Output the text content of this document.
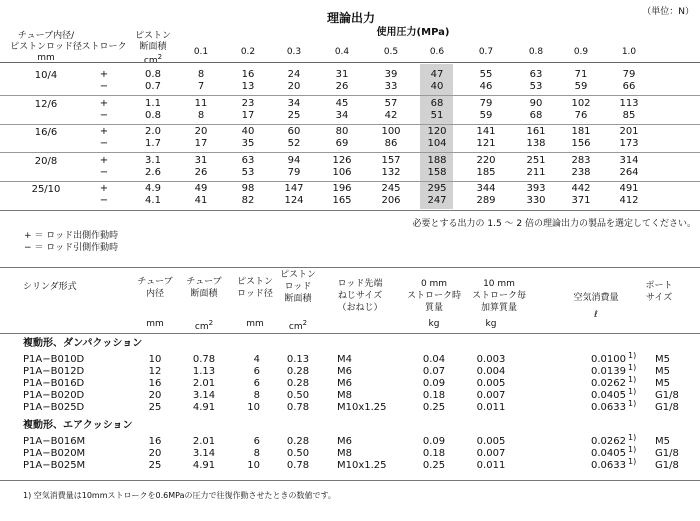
理論出力	（単位：N）
チューブ内径/
ピストンロッド径
mm
ストローク
ピストン
断面積
$cm^2$
使用圧力(MPa)
0.1	0.2	0.3	0.4	0.5	0.6	0.7	0.8	0.9	1.0
10/4	+	0.8	8	16	24	31	39	47	55	63	71	79
−	0.7	7	13	20	26	33	40	46	53	59	66
12/6	+	1.1	11	23	34	45	57	68	79	90	102	113
−	0.8	8	17	25	34	42	51	59	68	76	85
16/6	+	2.0	20	40	60	80	100	120	141	161	181	201
−	1.7	17	35	52	69	86	104	121	138	156	173
20/8	+	3.1	31	63	94	126	157	188	220	251	283	314
−	2.6	26	53	79	106	132	158	185	211	238	264
25/10	+	4.9	49	98	147	196	245	295	344	393	442	491
−	4.1	41	82	124	165	206	247	289	330	371	412
必要とする出力の 1.5 〜 2 倍の理論出力の製品を選定してください。
+ ＝ ロッド出側作動時
− ＝ ロッド引側作動時
シリンダ形式	チューブ
内径
mm
チューブ
断面積
$cm^2$
ピストン
ロッド径
mm
ピストン
ロッド
断面積
$cm^2$
ロッド先端
ねじサイズ
（おねじ）
0 mm
ストローク時
質量
kg
10 mm
ストローク毎
加算質量
kg
空気消費量
ℓ
ポート
サイズ
複動形、ダンパクッション
P1A−B010D	10	0.78	4	0.13	M4	0.04	0.003	0.0100	M5
1)
P1A−B012D	12	1.13	6	0.28	M6	0.07	0.004	0.0139	M5
1)
P1A−B016D	16	2.01	6	0.28	M6	0.09	0.005	0.0262	M5
1)
P1A−B020D	20	3.14	8	0.50	M8	0.18	0.007	0.0405	G1/8
1)
P1A−B025D	25	4.91	10	0.78	M10x1.25	0.25	0.011	0.0633	G1/8
1)
複動形、エアクッション
P1A−B016M	16	2.01	6	0.28	M6	0.09	0.005	0.0262	M5
1)
P1A−B020M	20	3.14	8	0.50	M8	0.18	0.007	0.0405	G1/8
1)
P1A−B025M	25	4.91	10	0.78	M10x1.25	0.25	0.011	0.0633	G1/8
1)
1) 空気消費量は10mmストロークを0.6MPaの圧力で往復作動させたときの数値です。
